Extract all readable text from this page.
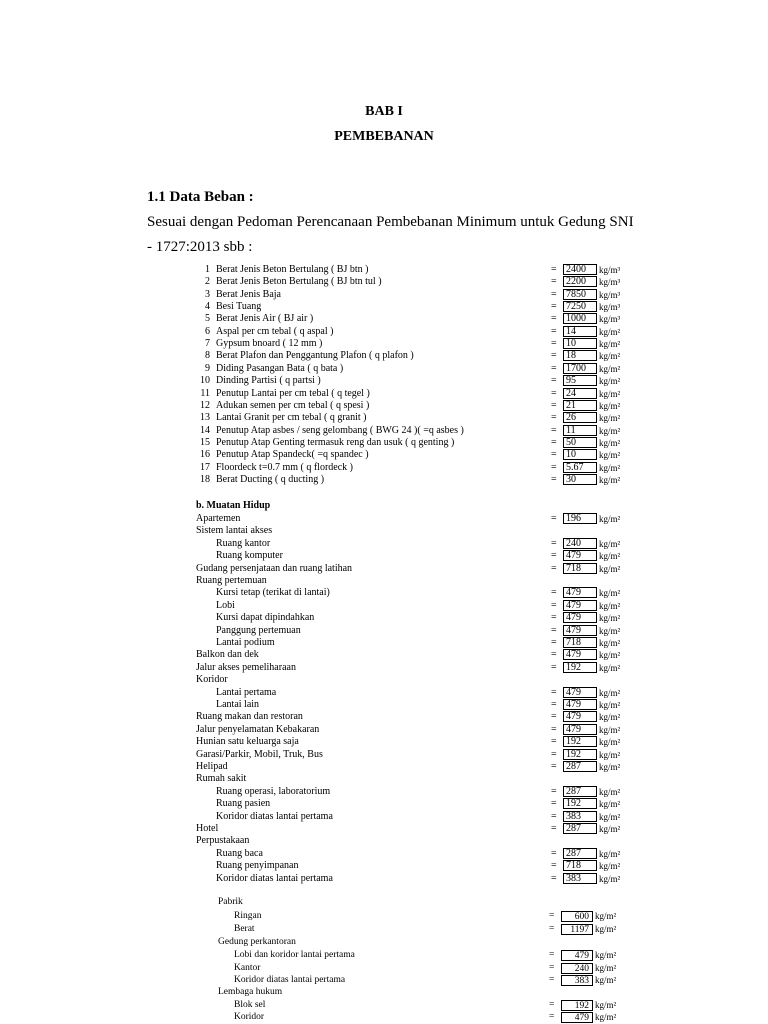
BAB I
PEMBEBANAN
1.1 Data Beban :
Sesuai dengan Pedoman Perencanaan Pembebanan Minimum untuk Gedung SNI
- 1727:2013 sbb :
1 Berat Jenis Beton Bertulang ( BJ btn )	= 2400	kg/m³
2 Berat Jenis Beton Bertulang ( BJ btn tul )	= 2200	kg/m³
3 Berat Jenis Baja	= 7850	kg/m³
4 Besi Tuang	= 7250	kg/m³
5 Berat Jenis Air ( BJ air )	= 1000	kg/m³
6 Aspal per cm tebal ( q aspal )	= 14	kg/m²
7 Gypsum bnoard ( 12 mm )	= 10	kg/m²
8 Berat Plafon dan Penggantung Plafon ( q plafon )	= 18	kg/m²
9 Diding Pasangan Bata ( q bata )	= 1700	kg/m²
10 Dinding Partisi ( q partsi )	= 95	kg/m²
11 Penutup Lantai per cm tebal ( q tegel )	= 24	kg/m²
12 Adukan semen per cm tebal ( q spesi )	= 21	kg/m²
13 Lantai Granit per cm tebal ( q granit )	= 26	kg/m²
14 Penutup Atap asbes / seng gelombang ( BWG 24 )( =q asbes )	= 11	kg/m²
15 Penutup Atap Genting termasuk reng dan usuk ( q genting )	= 50	kg/m²
16 Penutup Atap Spandeck( =q spandec )	= 10	kg/m²
17 Floordeck t=0.7 mm ( q flordeck )	= 5.67	kg/m²
18 Berat Ducting ( q ducting )	= 30	kg/m²
b. Muatan Hidup
Apartemen	= 196	kg/m²
Sistem lantai akses
Ruang kantor	= 240	kg/m²
Ruang komputer	= 479	kg/m²
Gudang persenjataan dan ruang latihan	= 718	kg/m²
Ruang pertemuan
Kursi tetap (terikat di lantai)	= 479	kg/m²
Lobi	= 479	kg/m²
Kursi dapat dipindahkan	= 479	kg/m²
Panggung pertemuan	= 479	kg/m²
Lantai podium	= 718	kg/m²
Balkon dan dek	= 479	kg/m²
Jalur akses pemeliharaan	= 192	kg/m²
Koridor
Lantai pertama	= 479	kg/m²
Lantai lain	= 479	kg/m²
Ruang makan dan restoran	= 479	kg/m²
Jalur penyelamatan Kebakaran	= 479	kg/m²
Hunian satu keluarga saja	= 192	kg/m²
Garasi/Parkir, Mobil, Truk, Bus	= 192	kg/m²
Helipad	= 287	kg/m²
Rumah sakit
Ruang operasi, laboratorium	= 287	kg/m²
Ruang pasien	= 192	kg/m²
Koridor diatas lantai pertama	= 383	kg/m²
Hotel	= 287	kg/m²
Perpustakaan
Ruang baca	= 287	kg/m²
Ruang penyimpanan	= 718	kg/m²
Koridor diatas lantai pertama	= 383	kg/m²
Pabrik
Ringan	=	600 kg/m²
Berat	=	1197 kg/m²
Gedung perkantoran
Lobi dan koridor lantai pertama	=	479 kg/m²
Kantor	=	240 kg/m²
Koridor diatas lantai pertama	=	383 kg/m²
Lembaga hukum
Blok sel	=	192 kg/m²
Koridor	=	479 kg/m²
